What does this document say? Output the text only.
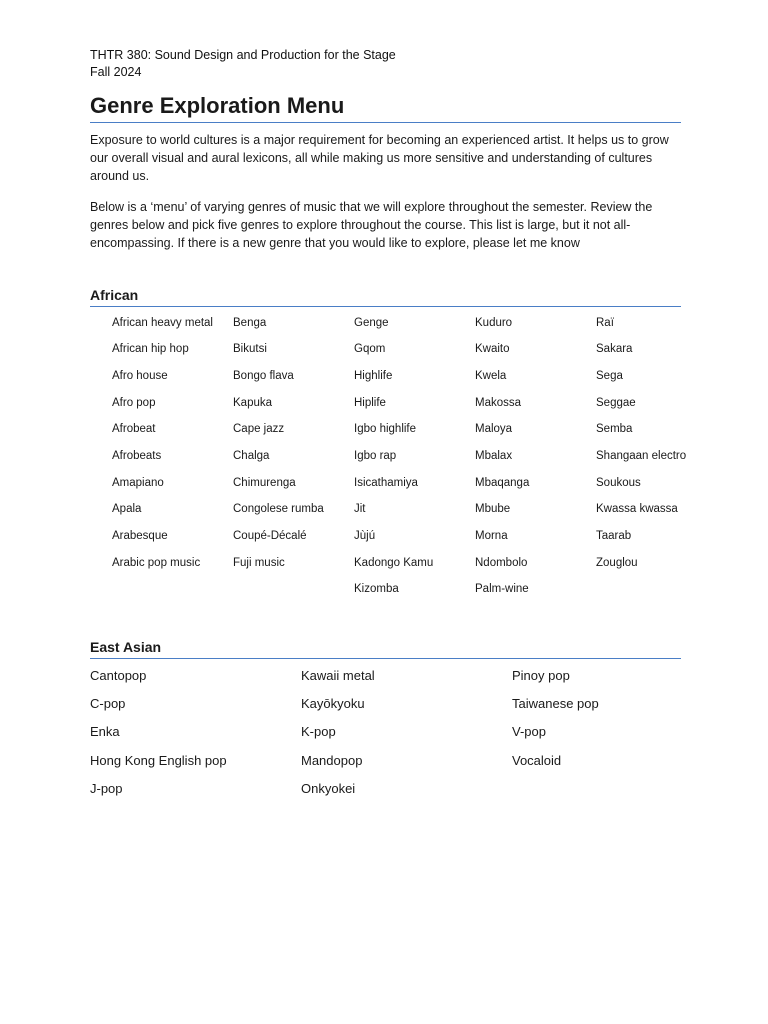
THTR 380: Sound Design and Production for the Stage
Fall 2024
Genre Exploration Menu

Exposure to world cultures is a major requirement for becoming an experienced artist. It helps us to grow our overall visual and aural lexicons, all while making us more sensitive and understanding of cultures around us.

Below is a ‘menu’ of varying genres of music that we will explore throughout the semester. Review the genres below and pick five genres to explore throughout the course. This list is large, but it not all-encompassing. If there is a new genre that you would like to explore, please let me know

African
African heavy metal
African hip hop
Afro house
Afro pop
Afrobeat
Afrobeats
Amapiano
Apala
Arabesque
Arabic pop music
Benga
Bikutsi
Bongo flava
Kapuka
Cape jazz
Chalga
Chimurenga
Congolese rumba
Coupé-Décalé
Fuji music
Genge
Gqom
Highlife
Hiplife
Igbo highlife
Igbo rap
Isicathamiya
Jit
Jùjú
Kadongo Kamu
Kizomba
Kuduro
Kwaito
Kwela
Makossa
Maloya
Mbalax
Mbaqanga
Mbube
Morna
Ndombolo
Palm-wine
Raï
Sakara
Sega
Seggae
Semba
Shangaan electro
Soukous
Kwassa kwassa
Taarab
Zouglou
East Asian
Cantopop
C-pop
Enka
Hong Kong English pop
J-pop
Kawaii metal
Kayōkyoku
K-pop
Mandopop
Onkyokei
Pinoy pop
Taiwanese pop
V-pop
Vocaloid
